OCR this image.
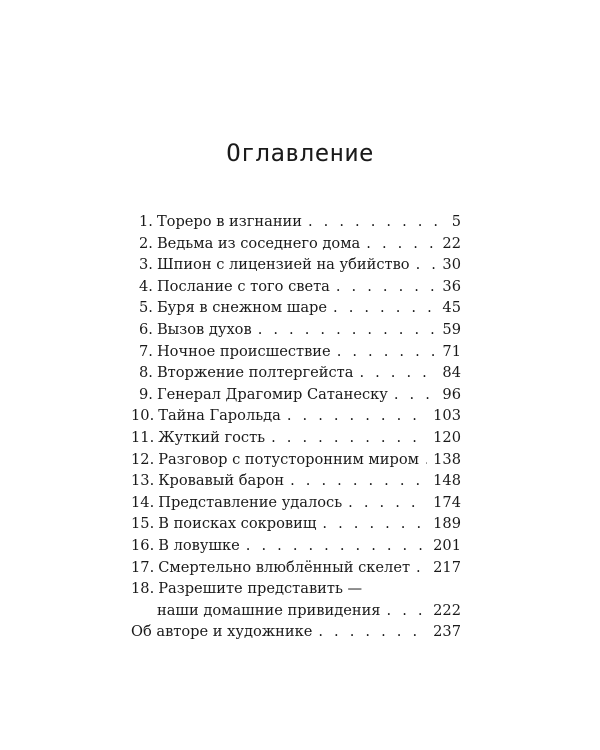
Оглавление
1. Тореро в изгнании . . .	5
2. Ведьма из соседнего дома . . .	22
3. Шпион с лицензией на убийство . . . 30
4. Послание с того света . . .	36
5. Буря в снежном шаре . . .	45
6. Вызов духов . . .	59
7. Ночное происшествие . . .	71
8. Вторжение полтергейста . . .	84
9. Генерал Драгомир Сатанеску . . .	96
10. Тайна Гарольда . . .	103
11. Жуткий гость . . .	120
12. Разговор с потусторонним миром . . . 138
13. Кровавый барон . . .	148
14. Представление удалось . . .	174
15. В поисках сокровищ . . .	189
16. В ловушке . . .	201
17. Смертельно влюблённый скелет . . . 217
18. Разрешите представить —
наши домашние привидения . . .	222
Об авторе и художнике . . .	237
